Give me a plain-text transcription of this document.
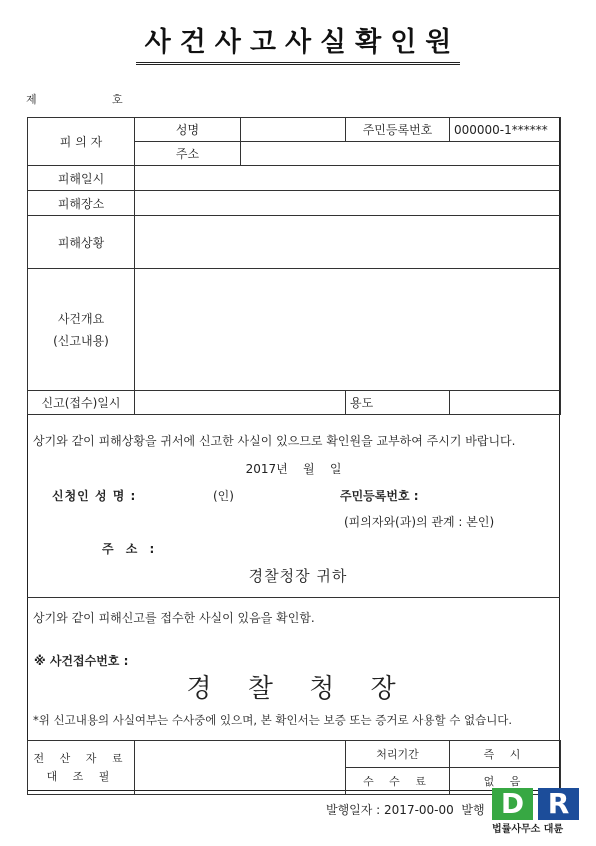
사건사고사실확인원
제	호
피 의 자	성명		주민등록번호	000000-1******
	주소			
피해일시				
피해장소				
피해상황				

사건개요
(신고내용)				

신고(접수)일시			용도	
상기와 같이 피해상황을 귀서에 신고한 사실이 있으므로 확인원을 교부하여 주시기 바랍니다.
2017년    월    일
신청인 성 명 :	(인)	주민등록번호 :
(피의자와(과)의 관계 : 본인)
주 소 :
경찰청장 귀하
상기와 같이 피해신고를 접수한 사실이 있음을 확인함.
※ 사건접수번호 :
경 찰 청 장
*위 신고내용의 사실여부는 수사중에 있으며, 본 확인서는 보증 또는 증거로 사용할 수 없습니다.
전 산 자 료
대 조 필		처리기간	즉 시
		수 수 료	없 음
발행일자 : 2017-00-00  발행 D R
법률사무소 대륜
